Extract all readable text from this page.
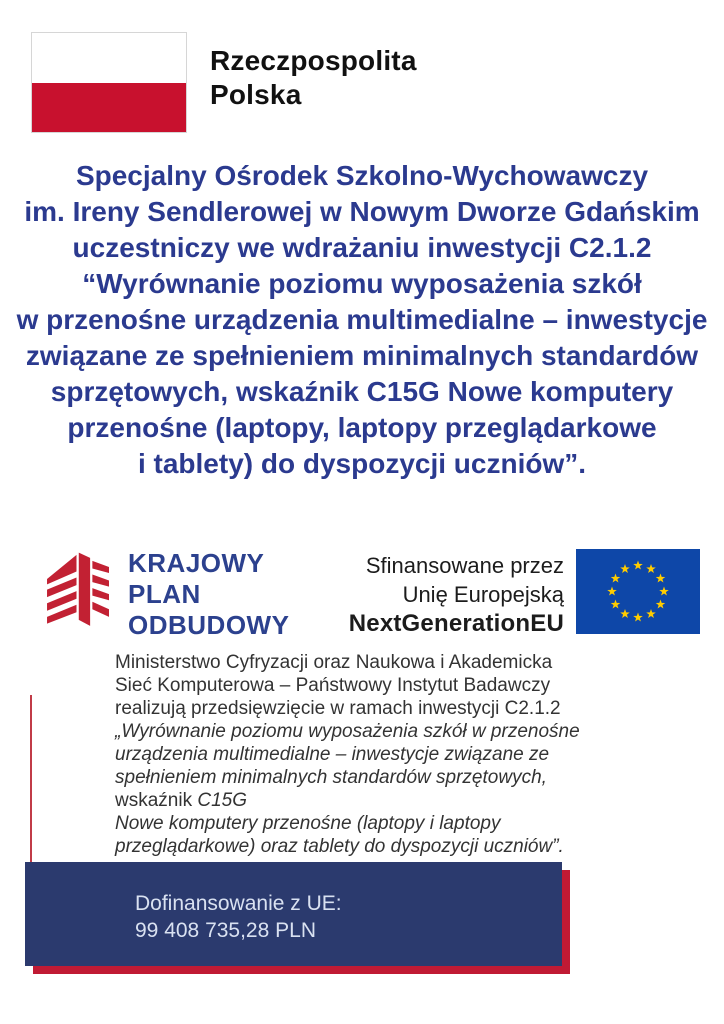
Rzeczpospolita
Polska
Specjalny Ośrodek Szkolno-Wychowawczy
im. Ireny Sendlerowej w Nowym Dworze Gdańskim
uczestniczy we wdrażaniu inwestycji C2.1.2
“Wyrównanie poziomu wyposażenia szkół
w przenośne urządzenia multimedialne – inwestycje
związane ze spełnieniem minimalnych standardów
sprzętowych, wskaźnik C15G Nowe komputery
przenośne (laptopy, laptopy przeglądarkowe
i tablety) do dyspozycji uczniów”.
KRAJOWY
PLAN
ODBUDOWY
Sfinansowane przez
Unię Europejską
NextGenerationEU
Ministerstwo Cyfryzacji oraz Naukowa i Akademicka
Sieć Komputerowa – Państwowy Instytut Badawczy
realizują przedsięwzięcie w ramach inwestycji C2.1.2
„Wyrównanie poziomu wyposażenia szkół w przenośne
urządzenia multimedialne – inwestycje związane ze
spełnieniem minimalnych standardów sprzętowych,
wskaźnik C15G
Nowe komputery przenośne (laptopy i laptopy
przeglądarkowe) oraz tablety do dyspozycji uczniów”.
Dofinansowanie z UE:
99 408 735,28 PLN
